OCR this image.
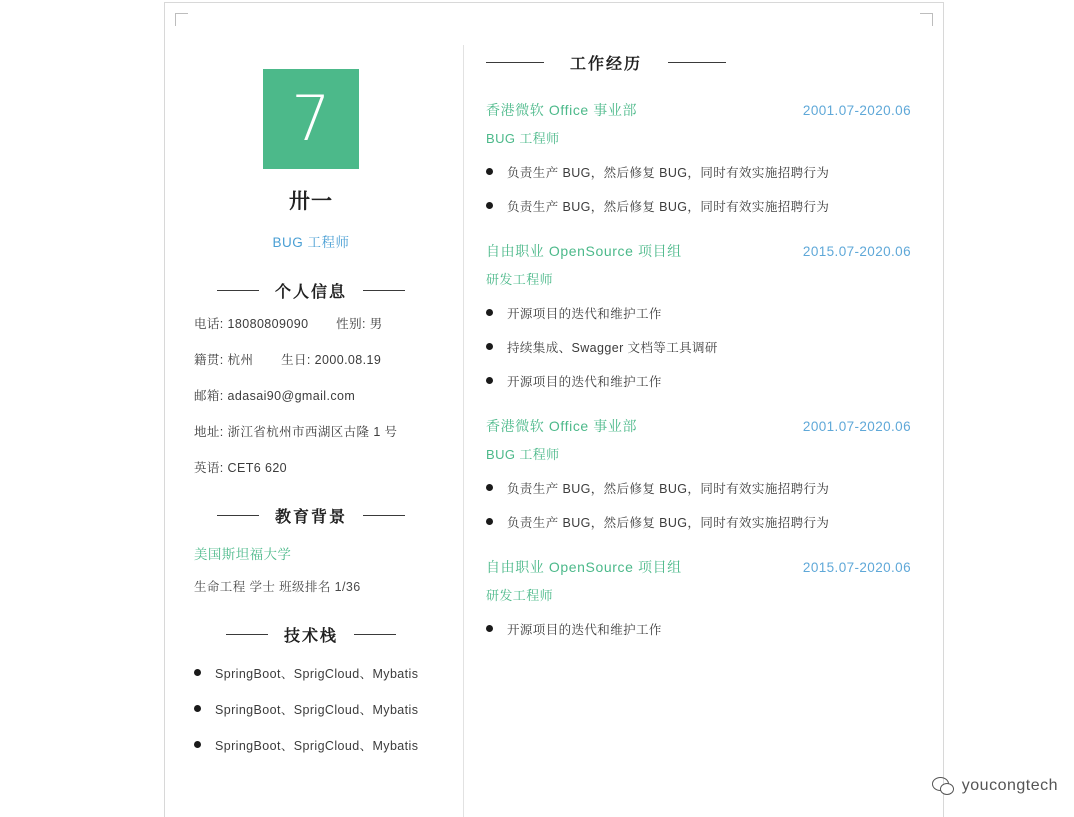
7
卅一
BUG 工程师
个人信息
电话: 18080809090 性别: 男
籍贯: 杭州 生日: 2000.08.19
邮箱: adasai90@gmail.com
地址: 浙江省杭州市西湖区古隆 1 号
英语: CET6 620
教育背景
美国斯坦福大学
生命工程 学士 班级排名 1/36
技术栈
SpringBoot、SprigCloud、Mybatis
SpringBoot、SprigCloud、Mybatis
SpringBoot、SprigCloud、Mybatis
工作经历
香港微软 Office 事业部	2001.07-2020.06
BUG 工程师
负责生产 BUG，然后修复 BUG，同时有效实施招聘行为
负责生产 BUG，然后修复 BUG，同时有效实施招聘行为
自由职业 OpenSource 项目组	2015.07-2020.06
研发工程师
开源项目的迭代和维护工作
持续集成、Swagger 文档等工具调研
开源项目的迭代和维护工作
香港微软 Office 事业部	2001.07-2020.06
BUG 工程师
负责生产 BUG，然后修复 BUG，同时有效实施招聘行为
负责生产 BUG，然后修复 BUG，同时有效实施招聘行为
自由职业 OpenSource 项目组	2015.07-2020.06
研发工程师
开源项目的迭代和维护工作
youcongtech
